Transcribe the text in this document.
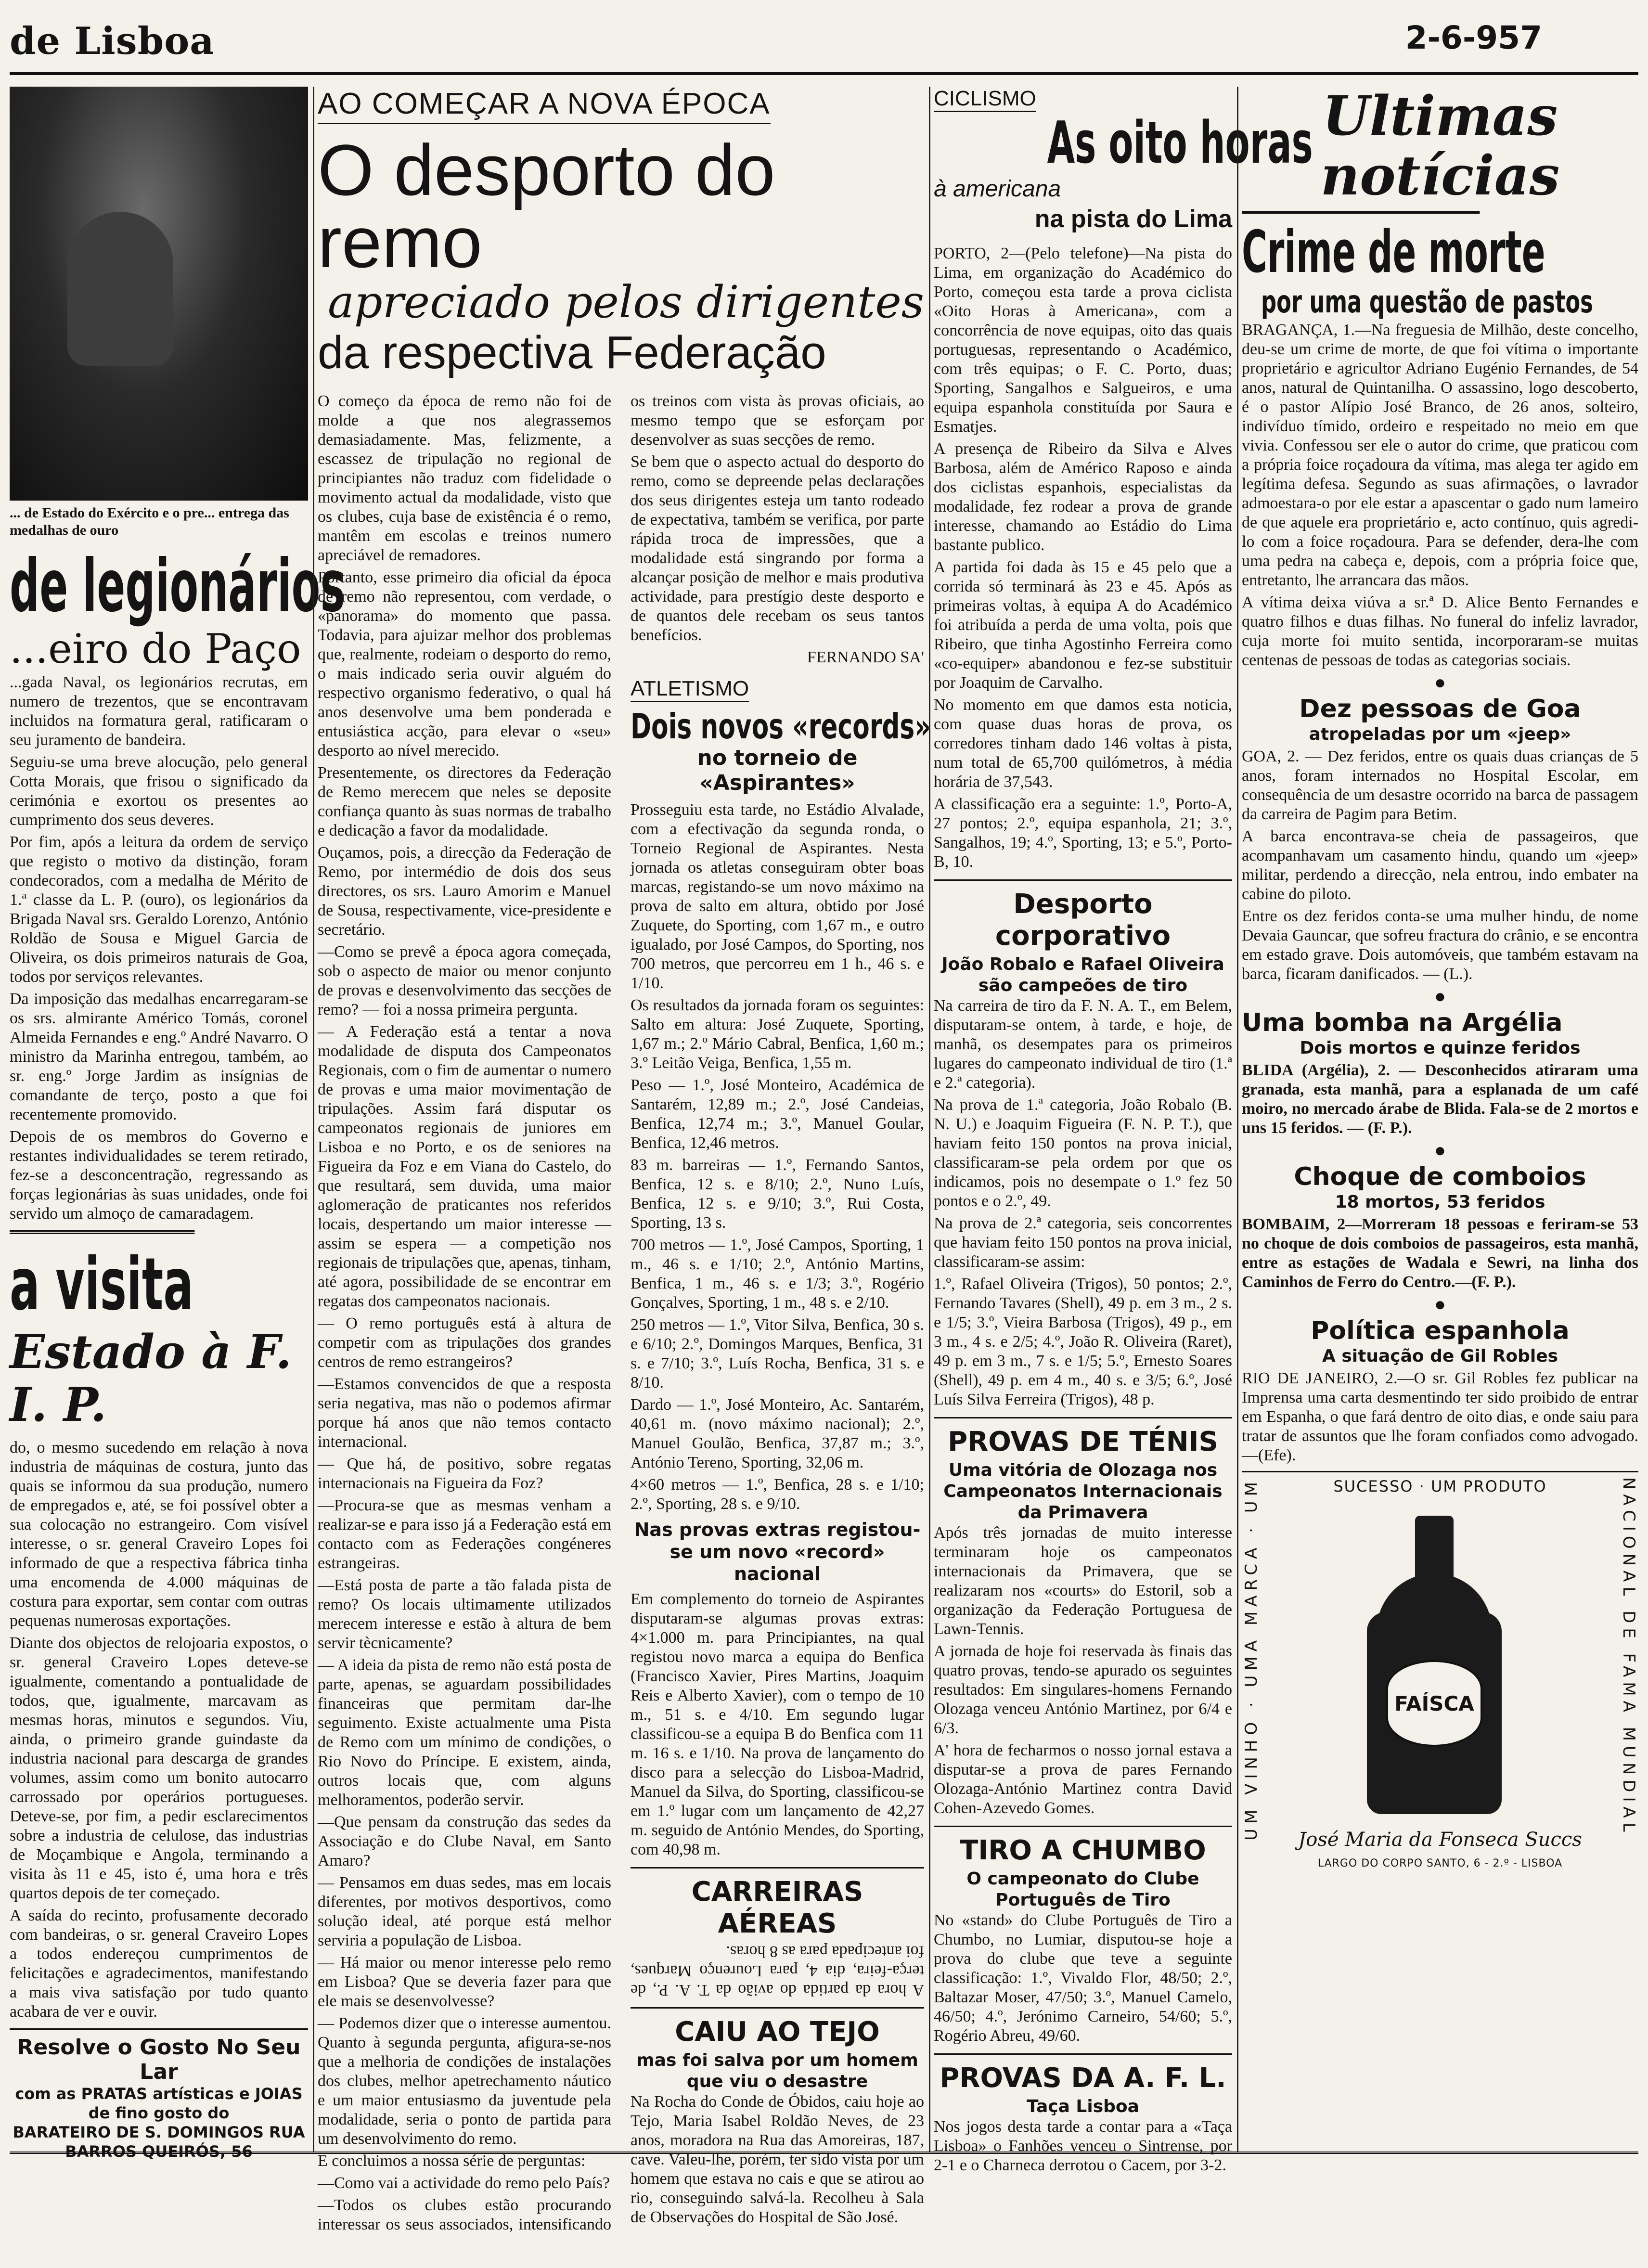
de Lisboa	2-6-957
... de Estado do Exército e o pre... entrega das medalhas de ouro
de legionários
...eiro do Paço

...gada Naval, os legionários recrutas, em numero de trezentos, que se encontravam incluidos na formatura geral, ratificaram o seu juramento de bandeira.

Seguiu-se uma breve alocução, pelo general Cotta Morais, que frisou o significado da cerimónia e exortou os presentes ao cumprimento dos seus deveres.

Por fim, após a leitura da ordem de serviço que registo o motivo da distinção, foram condecorados, com a medalha de Mérito de 1.ª classe da L. P. (ouro), os legionários da Brigada Naval srs. Geraldo Lorenzo, António Roldão de Sousa e Miguel Garcia de Oliveira, os dois primeiros naturais de Goa, todos por serviços relevantes.

Da imposição das medalhas encarregaram-se os srs. almirante Américo Tomás, coronel Almeida Fernandes e eng.º André Navarro. O ministro da Marinha entregou, também, ao sr. eng.º Jorge Jardim as insígnias de comandante de terço, posto a que foi recentemente promovido.

Depois de os membros do Governo e restantes individualidades se terem retirado, fez-se a desconcentração, regressando as forças legionárias às suas unidades, onde foi servido um almoço de camaradagem.

a visita
Estado à F. I. P.

do, o mesmo sucedendo em relação à nova industria de máquinas de costura, junto das quais se informou da sua produção, numero de empregados e, até, se foi possível obter a sua colocação no estrangeiro. Com visível interesse, o sr. general Craveiro Lopes foi informado de que a respectiva fábrica tinha uma encomenda de 4.000 máquinas de costura para exportar, sem contar com outras pequenas numerosas exportações.

Diante dos objectos de relojoaria expostos, o sr. general Craveiro Lopes deteve-se igualmente, comentando a pontualidade de todos, que, igualmente, marcavam as mesmas horas, minutos e segundos. Viu, ainda, o primeiro grande guindaste da industria nacional para descarga de grandes volumes, assim como um bonito autocarro carrossado por operários portugueses. Deteve-se, por fim, a pedir esclarecimentos sobre a industria de celulose, das industrias de Moçambique e Angola, terminando a visita às 11 e 45, isto é, uma hora e três quartos depois de ter começado.

A saída do recinto, profusamente decorado com bandeiras, o sr. general Craveiro Lopes a todos endereçou cumprimentos de felicitações e agradecimentos, manifestando a mais viva satisfação por tudo quanto acabara de ver e ouvir.

Resolve o Gosto No Seu Lar
com as PRATAS artísticas e JOIAS de fino gosto do
BARATEIRO DE S. DOMINGOS RUA BARROS QUEIRÓS, 56
AO COMEÇAR A NOVA ÉPOCA
O desporto do remo
apreciado pelos dirigentes
da respectiva Federação

O começo da época de remo não foi de molde a que nos alegrassemos demasiadamente. Mas, felizmente, a escassez de tripulação no regional de principiantes não traduz com fidelidade o movimento actual da modalidade, visto que os clubes, cuja base de existência é o remo, mantêm em escolas e treinos numero apreciável de remadores.

Portanto, esse primeiro dia oficial da época de remo não representou, com verdade, o «panorama» do momento que passa. Todavia, para ajuizar melhor dos problemas que, realmente, rodeiam o desporto do remo, o mais indicado seria ouvir alguém do respectivo organismo federativo, o qual há anos desenvolve uma bem ponderada e entusiástica acção, para elevar o «seu» desporto ao nível merecido.

Presentemente, os directores da Federação de Remo merecem que neles se deposite confiança quanto às suas normas de trabalho e dedicação a favor da modalidade.

Ouçamos, pois, a direcção da Federação de Remo, por intermédio de dois dos seus directores, os srs. Lauro Amorim e Manuel de Sousa, respectivamente, vice-presidente e secretário.

—Como se prevê a época agora começada, sob o aspecto de maior ou menor conjunto de provas e desenvolvimento das secções de remo? — foi a nossa primeira pergunta.

— A Federação está a tentar a nova modalidade de disputa dos Campeonatos Regionais, com o fim de aumentar o numero de provas e uma maior movimentação de tripulações. Assim fará disputar os campeonatos regionais de juniores em Lisboa e no Porto, e os de seniores na Figueira da Foz e em Viana do Castelo, do que resultará, sem duvida, uma maior aglomeração de praticantes nos referidos locais, despertando um maior interesse — assim se espera — a competição nos regionais de tripulações que, apenas, tinham, até agora, possibilidade de se encontrar em regatas dos campeonatos nacionais.

— O remo português está à altura de competir com as tripulações dos grandes centros de remo estrangeiros?

—Estamos convencidos de que a resposta seria negativa, mas não o podemos afirmar porque há anos que não temos contacto internacional.

— Que há, de positivo, sobre regatas internacionais na Figueira da Foz?

—Procura-se que as mesmas venham a realizar-se e para isso já a Federação está em contacto com as Federações congéneres estrangeiras.

—Está posta de parte a tão falada pista de remo? Os locais ultimamente utilizados merecem interesse e estão à altura de bem servir tècnicamente?

— A ideia da pista de remo não está posta de parte, apenas, se aguardam possibilidades financeiras que permitam dar-lhe seguimento. Existe actualmente uma Pista de Remo com um mínimo de condições, o Rio Novo do Príncipe. E existem, ainda, outros locais que, com alguns melhoramentos, poderão servir.

—Que pensam da construção das sedes da Associação e do Clube Naval, em Santo Amaro?

— Pensamos em duas sedes, mas em locais diferentes, por motivos desportivos, como solução ideal, até porque está melhor serviria a população de Lisboa.

— Há maior ou menor interesse pelo remo em Lisboa? Que se deveria fazer para que ele mais se desenvolvesse?

— Podemos dizer que o interesse aumentou. Quanto à segunda pergunta, afigura-se-nos que a melhoria de condições de instalações dos clubes, melhor apetrechamento náutico e um maior entusiasmo da juventude pela modalidade, seria o ponto de partida para um desenvolvimento do remo.

E concluimos a nossa série de perguntas:

—Como vai a actividade do remo pelo País?

—Todos os clubes estão procurando interessar os seus associados, intensificando os treinos com vista às provas oficiais, ao mesmo tempo que se esforçam por desenvolver as suas secções de remo.

Se bem que o aspecto actual do desporto do remo, como se depreende pelas declarações dos seus dirigentes esteja um tanto rodeado de expectativa, também se verifica, por parte rápida troca de impressões, que a modalidade está singrando por forma a alcançar posição de melhor e mais produtiva actividade, para prestígio deste desporto e de quantos dele recebam os seus tantos benefícios.

FERNANDO SA'

ATLETISMO
Dois novos «records»
no torneio de «Aspirantes»

Prosseguiu esta tarde, no Estádio Alvalade, com a efectivação da segunda ronda, o Torneio Regional de Aspirantes. Nesta jornada os atletas conseguiram obter boas marcas, registando-se um novo máximo na prova de salto em altura, obtido por José Zuquete, do Sporting, com 1,67 m., e outro igualado, por José Campos, do Sporting, nos 700 metros, que percorreu em 1 h., 46 s. e 1/10.

Os resultados da jornada foram os seguintes: Salto em altura: José Zuquete, Sporting, 1,67 m.; 2.º Mário Cabral, Benfica, 1,60 m.; 3.º Leitão Veiga, Benfica, 1,55 m.

Peso — 1.º, José Monteiro, Académica de Santarém, 12,89 m.; 2.º, José Candeias, Benfica, 12,74 m.; 3.º, Manuel Goular, Benfica, 12,46 metros.

83 m. barreiras — 1.º, Fernando Santos, Benfica, 12 s. e 8/10; 2.º, Nuno Luís, Benfica, 12 s. e 9/10; 3.º, Rui Costa, Sporting, 13 s.

700 metros — 1.º, José Campos, Sporting, 1 m., 46 s. e 1/10; 2.º, António Martins, Benfica, 1 m., 46 s. e 1/3; 3.º, Rogério Gonçalves, Sporting, 1 m., 48 s. e 2/10.

250 metros — 1.º, Vitor Silva, Benfica, 30 s. e 6/10; 2.º, Domingos Marques, Benfica, 31 s. e 7/10; 3.º, Luís Rocha, Benfica, 31 s. e 8/10.

Dardo — 1.º, José Monteiro, Ac. Santarém, 40,61 m. (novo máximo nacional); 2.º, Manuel Goulão, Benfica, 37,87 m.; 3.º, António Tereno, Sporting, 32,06 m.

4×60 metros — 1.º, Benfica, 28 s. e 1/10; 2.º, Sporting, 28 s. e 9/10.

Nas provas extras registou-se um novo «record» nacional

Em complemento do torneio de Aspirantes disputaram-se algumas provas extras: 4×1.000 m. para Principiantes, na qual registou novo marca a equipa do Benfica (Francisco Xavier, Pires Martins, Joaquim Reis e Alberto Xavier), com o tempo de 10 m., 51 s. e 4/10. Em segundo lugar classificou-se a equipa B do Benfica com 11 m. 16 s. e 1/10. Na prova de lançamento do disco para a selecção do Lisboa-Madrid, Manuel da Silva, do Sporting, classificou-se em 1.º lugar com um lançamento de 42,27 m. seguido de António Mendes, do Sporting, com 40,98 m.

CARREIRAS AÉREAS

A hora da partida do avião da T. A. P., de terça-feira, dia 4, para Lourenço Marques, foi antecipada para as 8 horas.

CAIU AO TEJO
mas foi salva por um homem que viu o desastre

Na Rocha do Conde de Óbidos, caiu hoje ao Tejo, Maria Isabel Roldão Neves, de 23 anos, moradora na Rua das Amoreiras, 187, cave. Valeu-lhe, porém, ter sido vista por um homem que estava no cais e que se atirou ao rio, conseguindo salvá-la. Recolheu à Sala de Observações do Hospital de São José.

CICLISMO
As oito horas
à americana
na pista do Lima

PORTO, 2—(Pelo telefone)—Na pista do Lima, em organização do Académico do Porto, começou esta tarde a prova ciclista «Oito Horas à Americana», com a concorrência de nove equipas, oito das quais portuguesas, representando o Académico, com três equipas; o F. C. Porto, duas; Sporting, Sangalhos e Salgueiros, e uma equipa espanhola constituída por Saura e Esmatjes.

A presença de Ribeiro da Silva e Alves Barbosa, além de Américo Raposo e ainda dos ciclistas espanhois, especialistas da modalidade, fez rodear a prova de grande interesse, chamando ao Estádio do Lima bastante publico.

A partida foi dada às 15 e 45 pelo que a corrida só terminará às 23 e 45. Após as primeiras voltas, à equipa A do Académico foi atribuída a perda de uma volta, pois que Ribeiro, que tinha Agostinho Ferreira como «co-equiper» abandonou e fez-se substituir por Joaquim de Carvalho.

No momento em que damos esta noticia, com quase duas horas de prova, os corredores tinham dado 146 voltas à pista, num total de 65,700 quilómetros, à média horária de 37,543.

A classificação era a seguinte: 1.º, Porto-A, 27 pontos; 2.º, equipa espanhola, 21; 3.º, Sangalhos, 19; 4.º, Sporting, 13; e 5.º, Porto-B, 10.

Desporto corporativo
João Robalo e Rafael Oliveira são campeões de tiro

Na carreira de tiro da F. N. A. T., em Belem, disputaram-se ontem, à tarde, e hoje, de manhã, os desempates para os primeiros lugares do campeonato individual de tiro (1.ª e 2.ª categoria).

Na prova de 1.ª categoria, João Robalo (B. N. U.) e Joaquim Figueira (F. N. P. T.), que haviam feito 150 pontos na prova inicial, classificaram-se pela ordem por que os indicamos, pois no desempate o 1.º fez 50 pontos e o 2.º, 49.

Na prova de 2.ª categoria, seis concorrentes que haviam feito 150 pontos na prova inicial, classificaram-se assim:

1.º, Rafael Oliveira (Trigos), 50 pontos; 2.º, Fernando Tavares (Shell), 49 p. em 3 m., 2 s. e 1/5; 3.º, Vieira Barbosa (Trigos), 49 p., em 3 m., 4 s. e 2/5; 4.º, João R. Oliveira (Raret), 49 p. em 3 m., 7 s. e 1/5; 5.º, Ernesto Soares (Shell), 49 p. em 4 m., 40 s. e 3/5; 6.º, José Luís Silva Ferreira (Trigos), 48 p.

PROVAS DE TÉNIS
Uma vitória de Olozaga nos Campeonatos Internacionais da Primavera

Após três jornadas de muito interesse terminaram hoje os campeonatos internacionais da Primavera, que se realizaram nos «courts» do Estoril, sob a organização da Federação Portuguesa de Lawn-Tennis.

A jornada de hoje foi reservada às finais das quatro provas, tendo-se apurado os seguintes resultados: Em singulares-homens Fernando Olozaga venceu António Martinez, por 6/4 e 6/3.

A' hora de fecharmos o nosso jornal estava a disputar-se a prova de pares Fernando Olozaga-António Martinez contra David Cohen-Azevedo Gomes.

TIRO A CHUMBO
O campeonato do Clube Português de Tiro

No «stand» do Clube Português de Tiro a Chumbo, no Lumiar, disputou-se hoje a prova do clube que teve a seguinte classificação: 1.º, Vivaldo Flor, 48/50; 2.º, Baltazar Moser, 47/50; 3.º, Manuel Camelo, 46/50; 4.º, Jerónimo Carneiro, 54/60; 5.º, Rogério Abreu, 49/60.

PROVAS DA A. F. L.
Taça Lisboa

Nos jogos desta tarde a contar para a «Taça Lisboa» o Fanhões venceu o Sintrense, por 2-1 e o Charneca derrotou o Cacem, por 3-2.

Ultimas
notícias
Crime de morte
por uma questão de pastos

BRAGANÇA, 1.—Na freguesia de Milhão, deste concelho, deu-se um crime de morte, de que foi vítima o importante proprietário e agricultor Adriano Eugénio Fernandes, de 54 anos, natural de Quintanilha. O assassino, logo descoberto, é o pastor Alípio José Branco, de 26 anos, solteiro, indivíduo tímido, ordeiro e respeitado no meio em que vivia. Confessou ser ele o autor do crime, que praticou com a própria foice roçadoura da vítima, mas alega ter agido em legítima defesa. Segundo as suas afirmações, o lavrador admoestara-o por ele estar a apascentar o gado num lameiro de que aquele era proprietário e, acto contínuo, quis agredi-lo com a foice roçadoura. Para se defender, dera-lhe com uma pedra na cabeça e, depois, com a própria foice que, entretanto, lhe arrancara das mãos.

A vítima deixa viúva a sr.ª D. Alice Bento Fernandes e quatro filhos e duas filhas. No funeral do infeliz lavrador, cuja morte foi muito sentida, incorporaram-se muitas centenas de pessoas de todas as categorias sociais.

●
Dez pessoas de Goa
atropeladas por um «jeep»

GOA, 2. — Dez feridos, entre os quais duas crianças de 5 anos, foram internados no Hospital Escolar, em consequência de um desastre ocorrido na barca de passagem da carreira de Pagim para Betim.

A barca encontrava-se cheia de passageiros, que acompanhavam um casamento hindu, quando um «jeep» militar, perdendo a direcção, nela entrou, indo embater na cabine do piloto.

Entre os dez feridos conta-se uma mulher hindu, de nome Devaia Gauncar, que sofreu fractura do crânio, e se encontra em estado grave. Dois automóveis, que também estavam na barca, ficaram danificados. — (L.).

●
Uma bomba na Argélia
Dois mortos e quinze feridos

BLIDA (Argélia), 2. — Desconhecidos atiraram uma granada, esta manhã, para a esplanada de um café moiro, no mercado árabe de Blida. Fala-se de 2 mortos e uns 15 feridos. — (F. P.).

●
Choque de comboios
18 mortos, 53 feridos

BOMBAIM, 2—Morreram 18 pessoas e feriram-se 53 no choque de dois comboios de passageiros, esta manhã, entre as estações de Wadala e Sewri, na linha dos Caminhos de Ferro do Centro.—(F. P.).

●
Política espanhola
A situação de Gil Robles

RIO DE JANEIRO, 2.—O sr. Gil Robles fez publicar na Imprensa uma carta desmentindo ter sido proibido de entrar em Espanha, o que fará dentro de oito dias, e onde saiu para tratar de assuntos que lhe foram confiados como advogado.—(Efe).

SUCESSO · UM PRODUTO
UM VINHO · UMA MARCA · UM	NACIONAL DE FAMA MUNDIAL
FAÍSCA
José Maria da Fonseca Succs
LARGO DO CORPO SANTO, 6 - 2.º - LISBOA
